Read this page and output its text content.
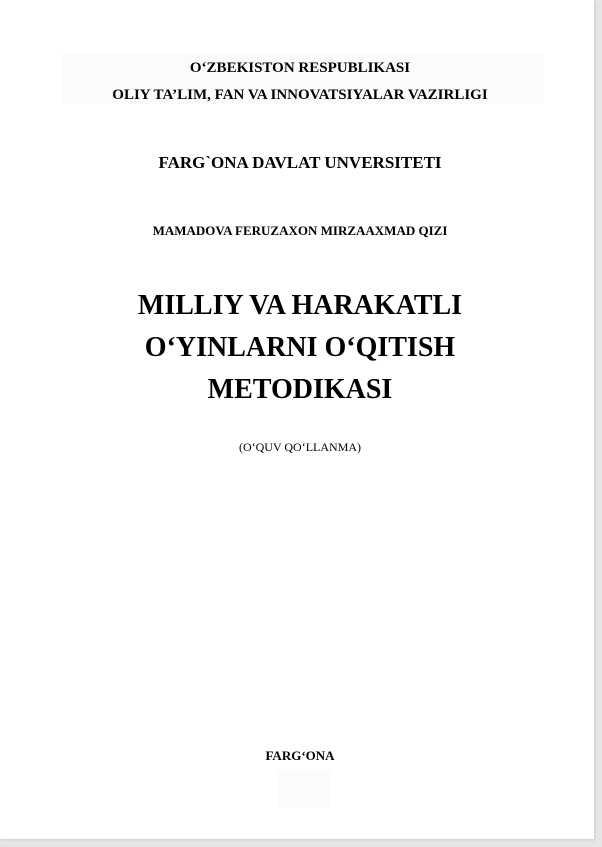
O‘ZBEKISTON RESPUBLIKASI
OLIY TA’LIM, FAN VA INNOVATSIYALAR VAZIRLIGI
FARG`ONA DAVLAT UNVERSITETI
MAMADOVA FERUZAXON MIRZAAXMAD QIZI
MILLIY VA HARAKATLI
O‘YINLARNI O‘QITISH
METODIKASI
(O‘QUV QO‘LLANMA)
FARG‘ONA
